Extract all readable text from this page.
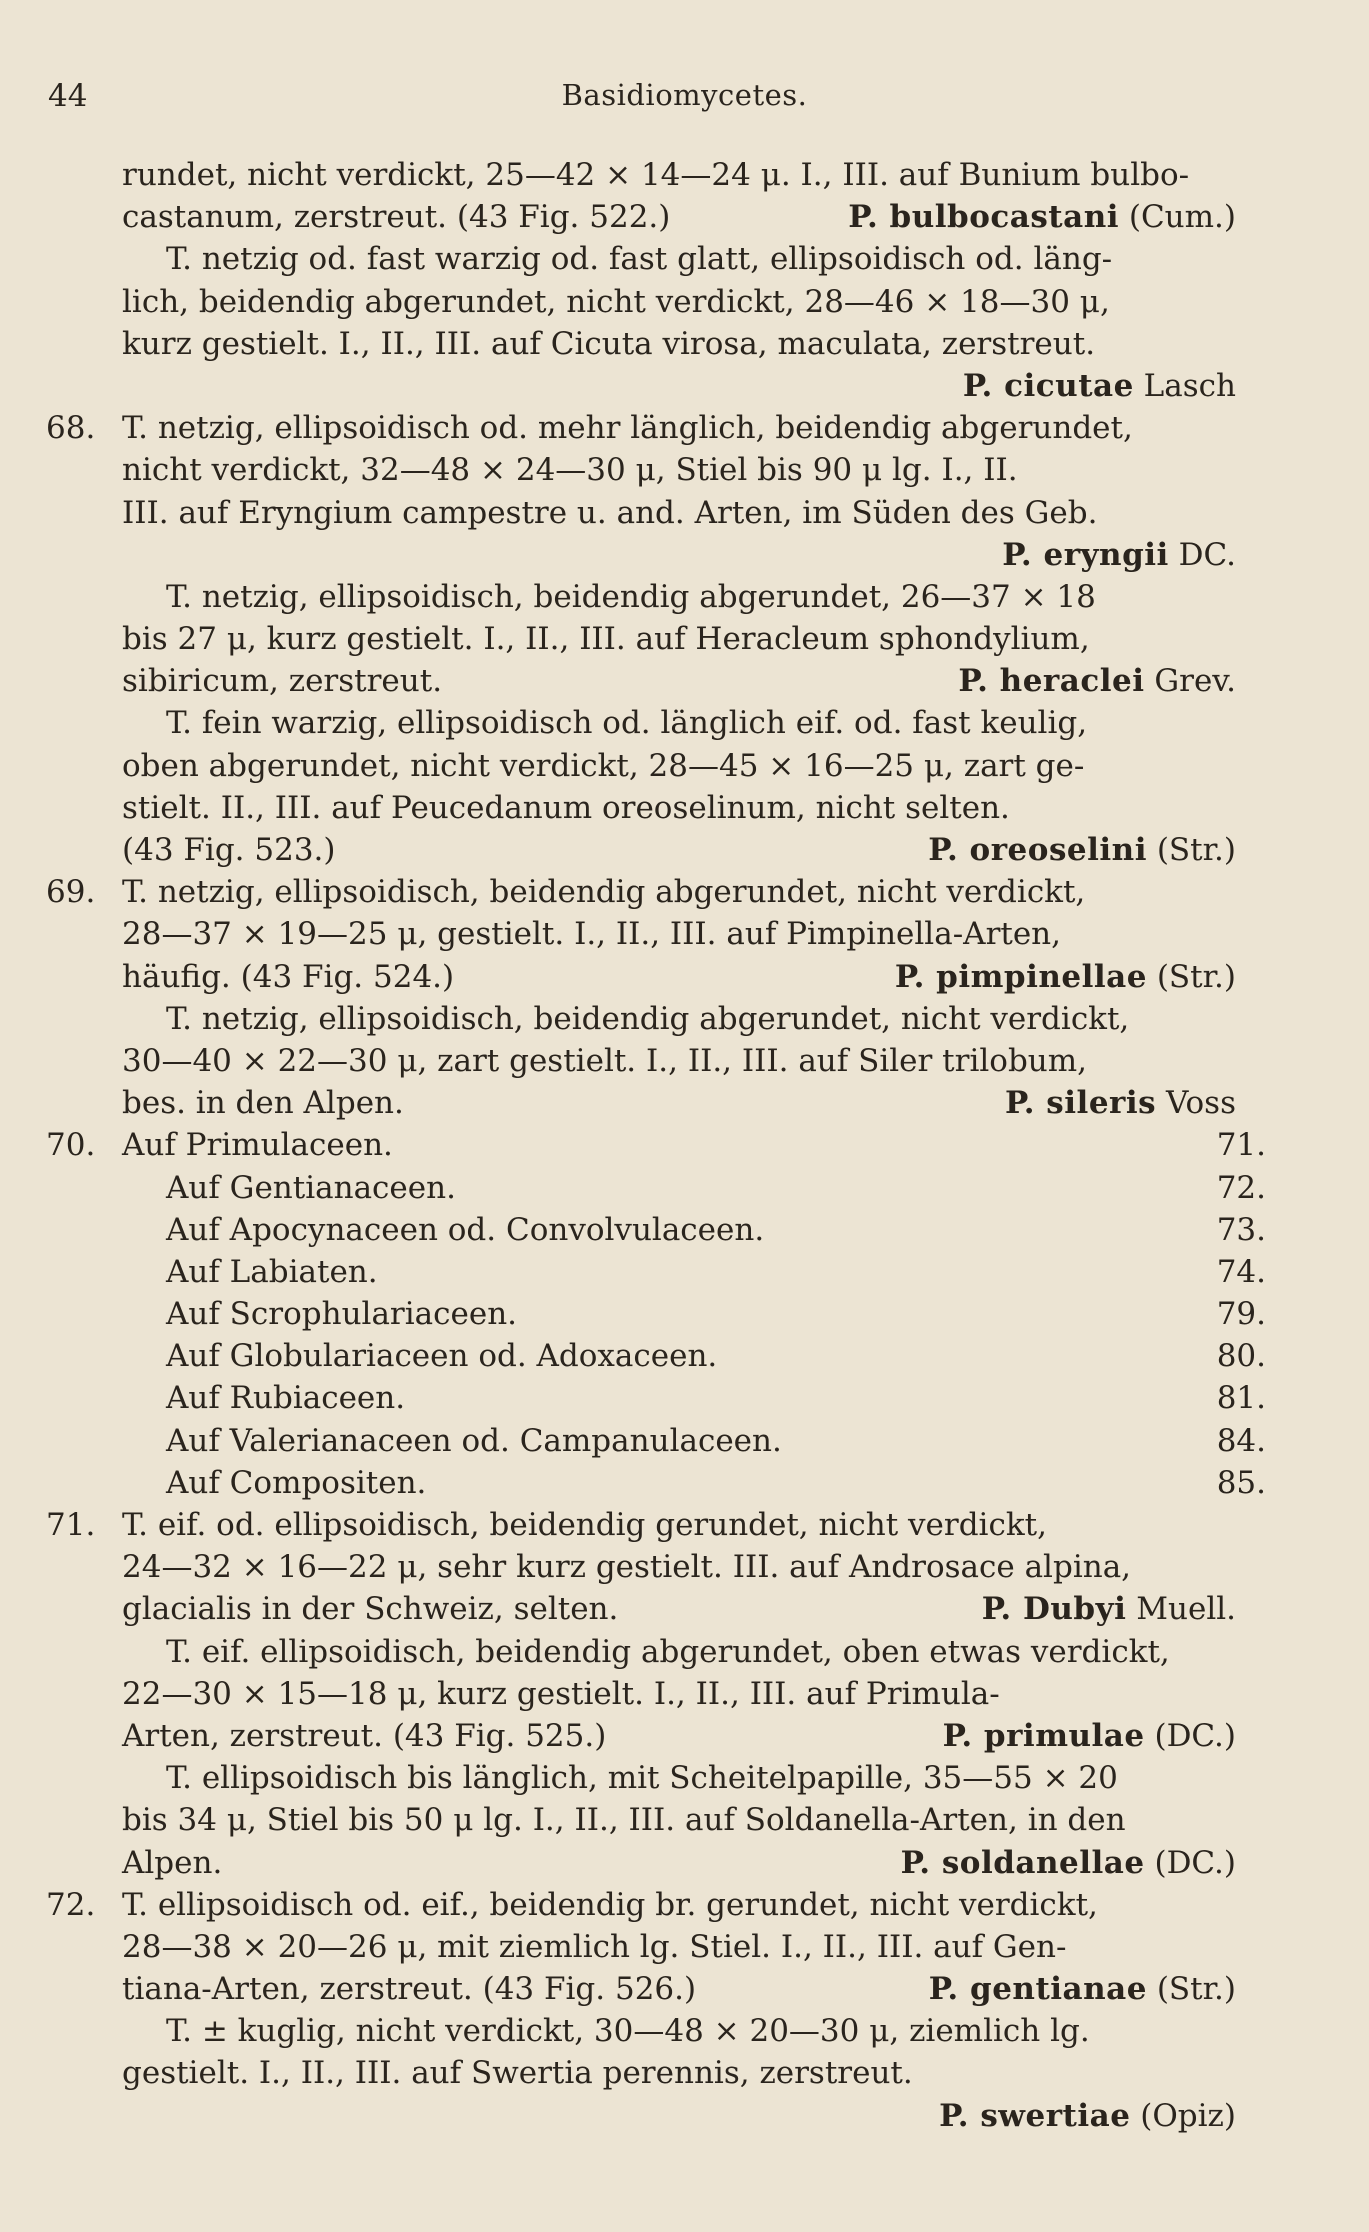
44	Basidiomycetes.
rundet, nicht verdickt, 25—42 × 14—24 μ. I., III. auf Bunium bulbo-
castanum, zerstreut. (43 Fig. 522.)	P. bulbocastani (Cum.)
T. netzig od. fast warzig od. fast glatt, ellipsoidisch od. läng-
lich, beidendig abgerundet, nicht verdickt, 28—46 × 18—30 μ,
kurz gestielt. I., II., III. auf Cicuta virosa, maculata, zerstreut.
P. cicutae Lasch
68. T. netzig, ellipsoidisch od. mehr länglich, beidendig abgerundet,
nicht verdickt, 32—48 × 24—30 μ, Stiel bis 90 μ lg. I., II.
III. auf Eryngium campestre u. and. Arten, im Süden des Geb.
P. eryngii DC.
T. netzig, ellipsoidisch, beidendig abgerundet, 26—37 × 18
bis 27 μ, kurz gestielt. I., II., III. auf Heracleum sphondylium,
sibiricum, zerstreut.	P. heraclei Grev.
T. fein warzig, ellipsoidisch od. länglich eif. od. fast keulig,
oben abgerundet, nicht verdickt, 28—45 × 16—25 μ, zart ge-
stielt. II., III. auf Peucedanum oreoselinum, nicht selten.
(43 Fig. 523.)	P. oreoselini (Str.)
69. T. netzig, ellipsoidisch, beidendig abgerundet, nicht verdickt,
28—37 × 19—25 μ, gestielt. I., II., III. auf Pimpinella-Arten,
häufig. (43 Fig. 524.)	P. pimpinellae (Str.)
T. netzig, ellipsoidisch, beidendig abgerundet, nicht verdickt,
30—40 × 22—30 μ, zart gestielt. I., II., III. auf Siler trilobum,
bes. in den Alpen.	P. sileris Voss
70. Auf Primulaceen.	71.
Auf Gentianaceen.	72.
Auf Apocynaceen od. Convolvulaceen.	73.
Auf Labiaten.	74.
Auf Scrophulariaceen.	79.
Auf Globulariaceen od. Adoxaceen.	80.
Auf Rubiaceen.	81.
Auf Valerianaceen od. Campanulaceen.	84.
Auf Compositen.	85.
71. T. eif. od. ellipsoidisch, beidendig gerundet, nicht verdickt,
24—32 × 16—22 μ, sehr kurz gestielt. III. auf Androsace alpina,
glacialis in der Schweiz, selten.	P. Dubyi Muell.
T. eif. ellipsoidisch, beidendig abgerundet, oben etwas verdickt,
22—30 × 15—18 μ, kurz gestielt. I., II., III. auf Primula-
Arten, zerstreut. (43 Fig. 525.)	P. primulae (DC.)
T. ellipsoidisch bis länglich, mit Scheitelpapille, 35—55 × 20
bis 34 μ, Stiel bis 50 μ lg. I., II., III. auf Soldanella-Arten, in den
Alpen.	P. soldanellae (DC.)
72. T. ellipsoidisch od. eif., beidendig br. gerundet, nicht verdickt,
28—38 × 20—26 μ, mit ziemlich lg. Stiel. I., II., III. auf Gen-
tiana-Arten, zerstreut. (43 Fig. 526.)	P. gentianae (Str.)
T. ± kuglig, nicht verdickt, 30—48 × 20—30 μ, ziemlich lg.
gestielt. I., II., III. auf Swertia perennis, zerstreut.
P. swertiae (Opiz)
